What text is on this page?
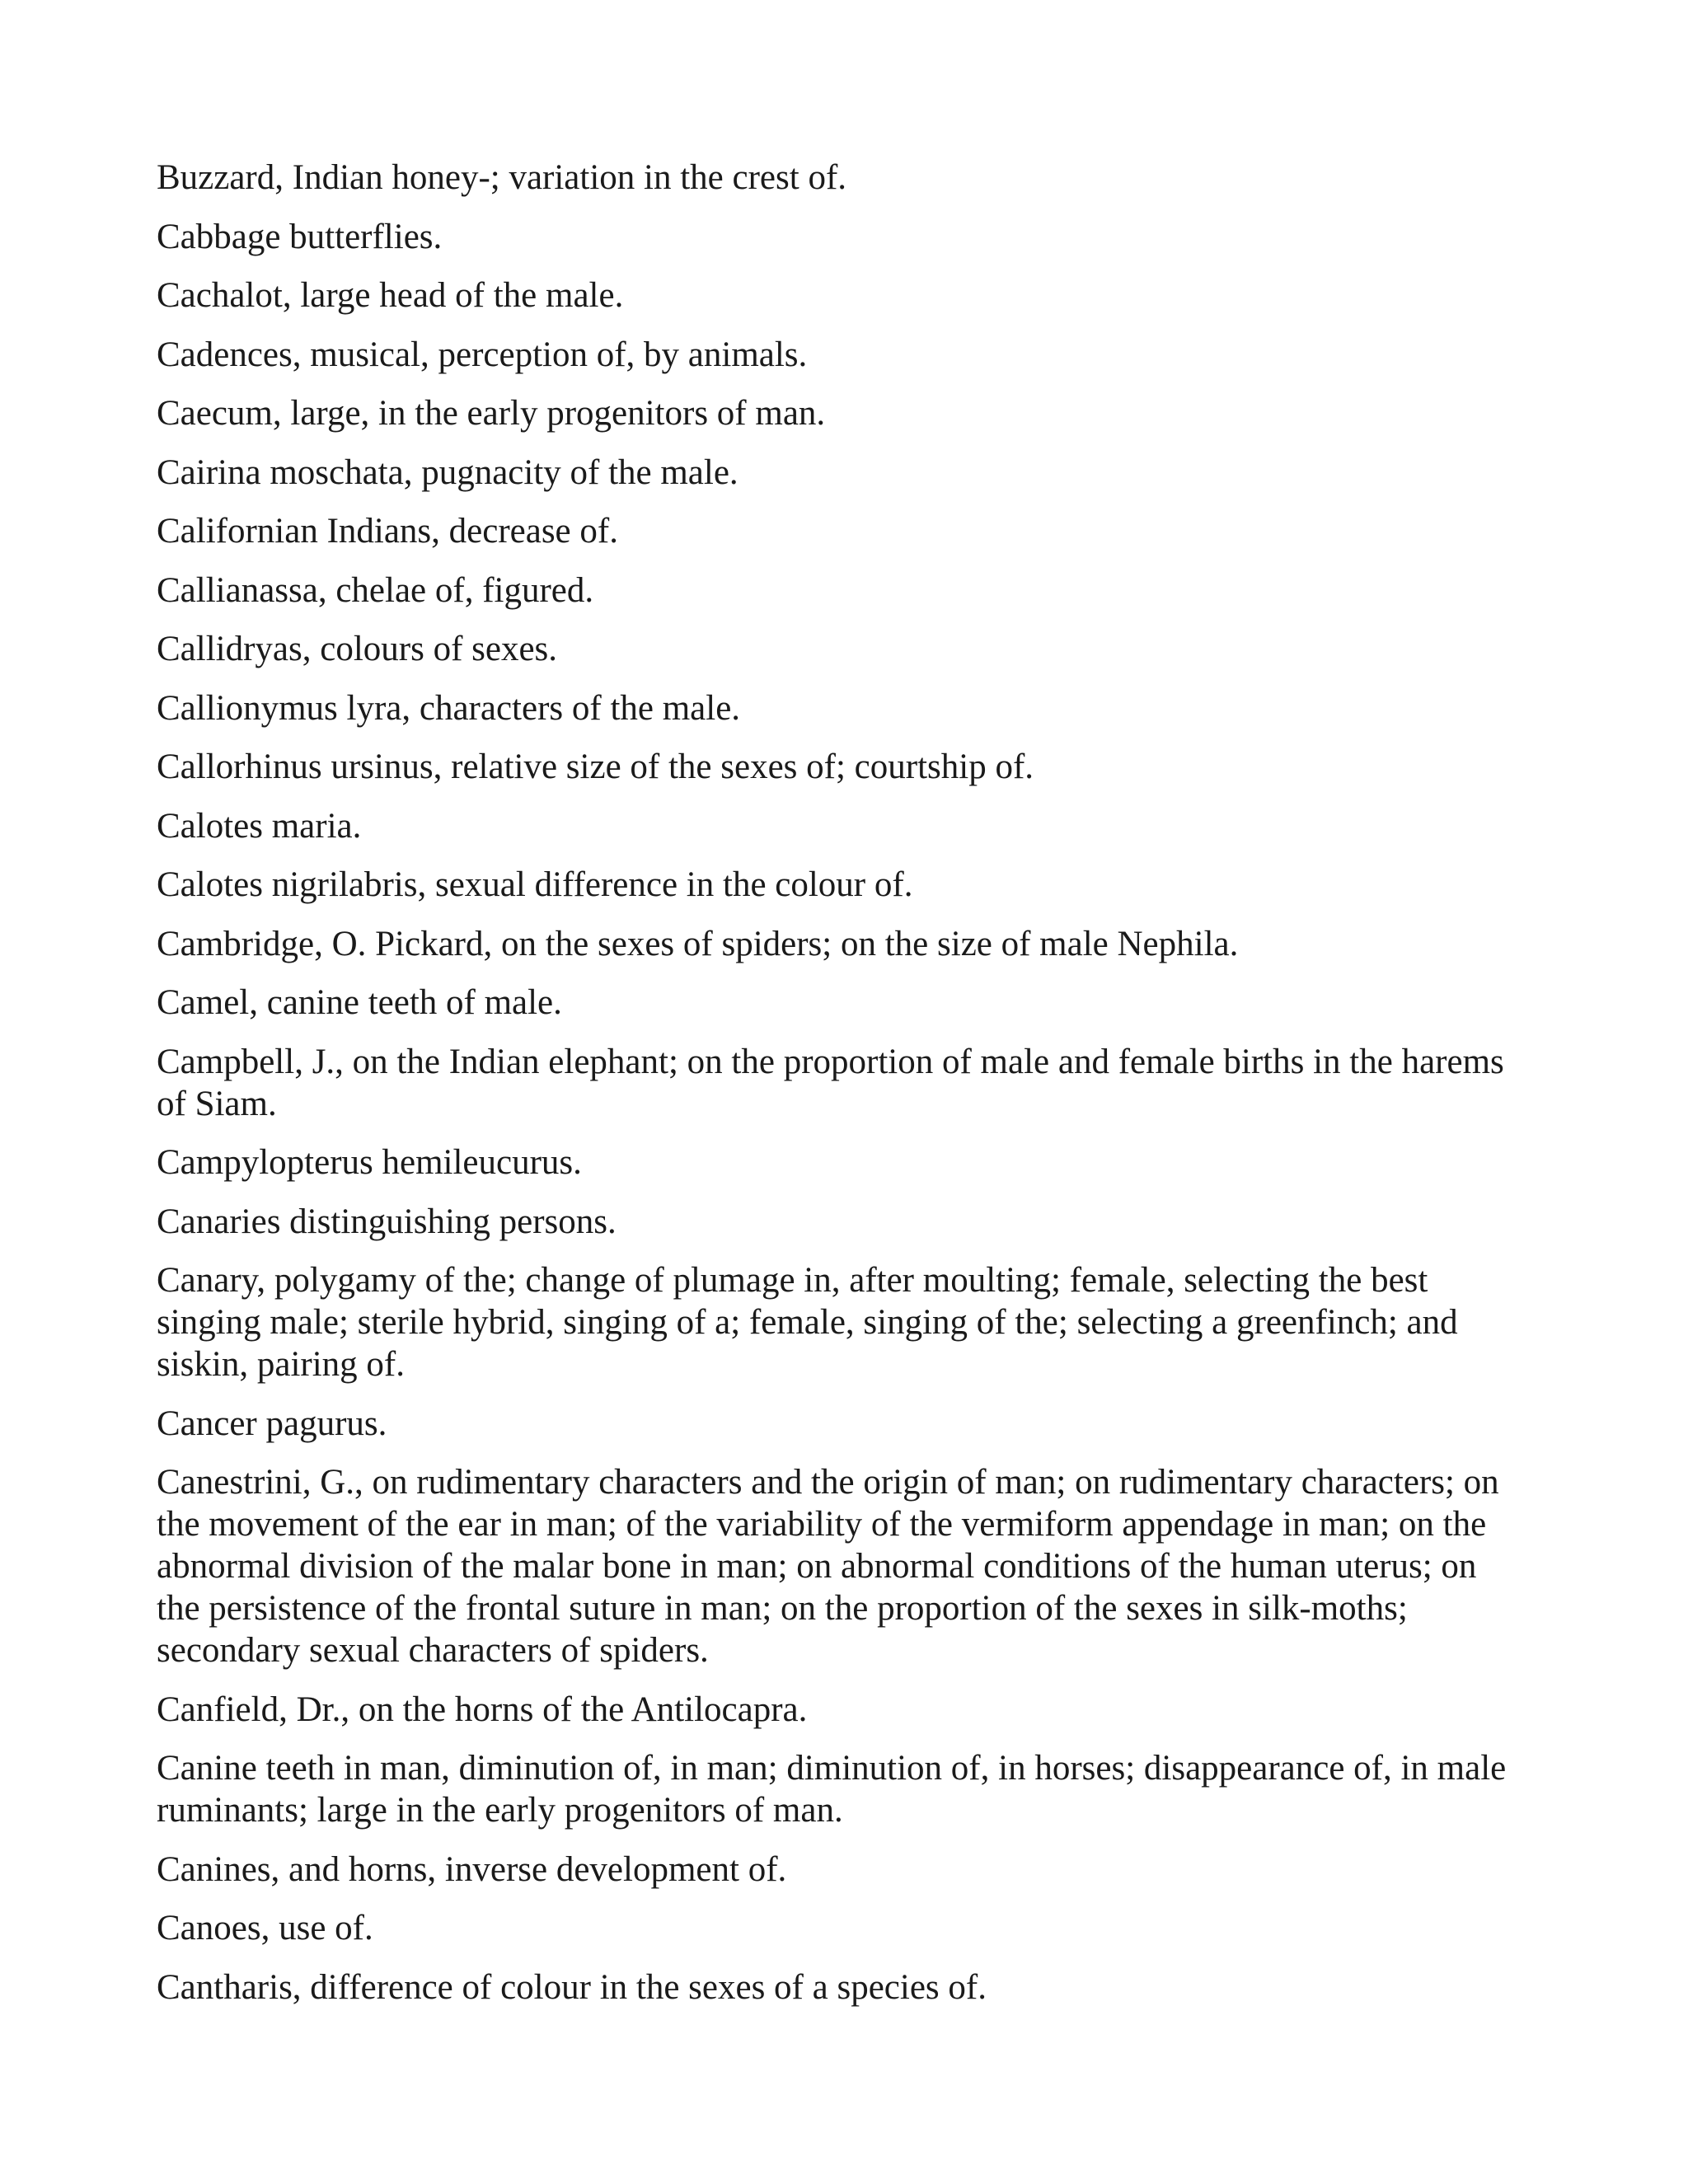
Buzzard, Indian honey-; variation in the crest of.
Cabbage butterflies.
Cachalot, large head of the male.
Cadences, musical, perception of, by animals.
Caecum, large, in the early progenitors of man.
Cairina moschata, pugnacity of the male.
Californian Indians, decrease of.
Callianassa, chelae of, figured.
Callidryas, colours of sexes.
Callionymus lyra, characters of the male.
Callorhinus ursinus, relative size of the sexes of; courtship of.
Calotes maria.
Calotes nigrilabris, sexual difference in the colour of.
Cambridge, O. Pickard, on the sexes of spiders; on the size of male Nephila.
Camel, canine teeth of male.
Campbell, J., on the Indian elephant; on the proportion of male and female births in the harems of Siam.
Campylopterus hemileucurus.
Canaries distinguishing persons.
Canary, polygamy of the; change of plumage in, after moulting; female, selecting the best singing male; sterile hybrid, singing of a; female, singing of the; selecting a greenfinch; and siskin, pairing of.
Cancer pagurus.
Canestrini, G., on rudimentary characters and the origin of man; on rudimentary characters; on the movement of the ear in man; of the variability of the vermiform appendage in man; on the abnormal division of the malar bone in man; on abnormal conditions of the human uterus; on the persistence of the frontal suture in man; on the proportion of the sexes in silk-moths; secondary sexual characters of spiders.
Canfield, Dr., on the horns of the Antilocapra.
Canine teeth in man, diminution of, in man; diminution of, in horses; disappearance of, in male ruminants; large in the early progenitors of man.
Canines, and horns, inverse development of.
Canoes, use of.
Cantharis, difference of colour in the sexes of a species of.
